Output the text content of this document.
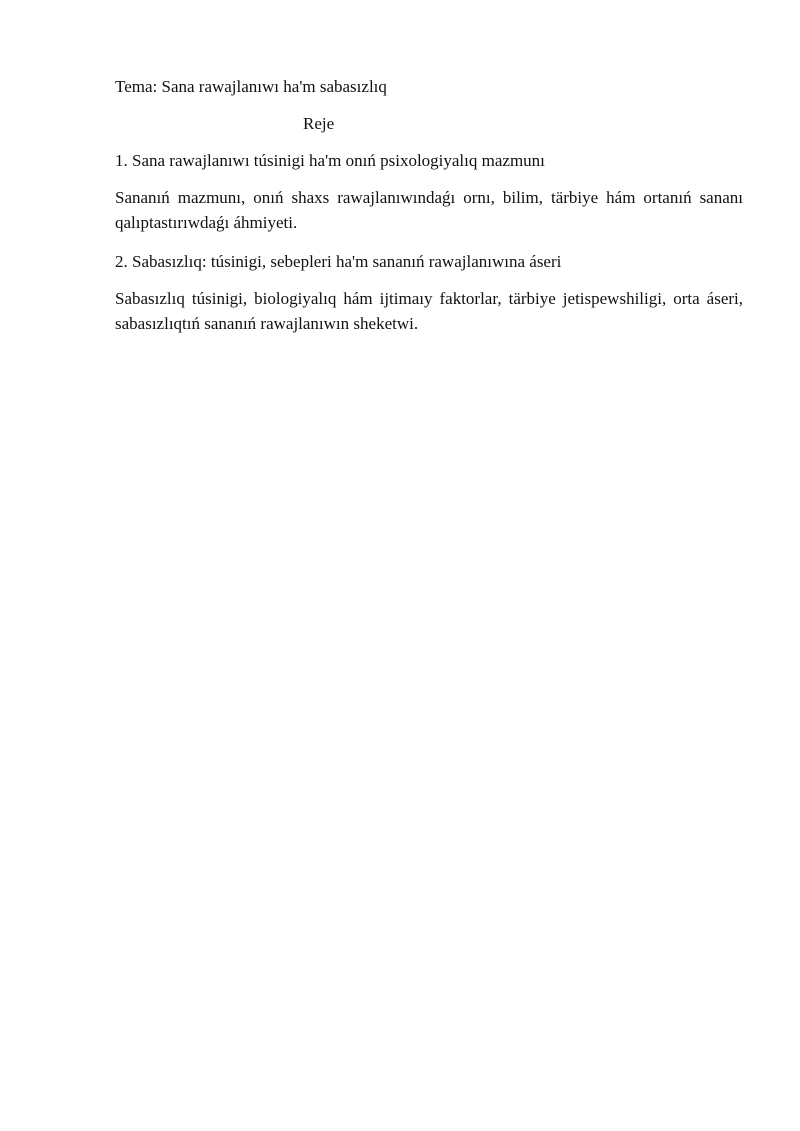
Tema: Sana rawajlanıwı ha'm sabasızlıq

Reje

1. Sana rawajlanıwı túsinigi ha'm onıń psixologiyalıq mazmunı

Sananıń mazmunı, onıń shaxs rawajlanıwındaǵı ornı, bilim, tärbiye hám ortanıń sananı qalıptastırıwdaǵı áhmiyeti.

2. Sabasızlıq: túsinigi, sebepleri ha'm sananıń rawajlanıwına áseri

Sabasızlıq túsinigi, biologiyalıq hám ijtimaıy faktorlar, tärbiye jetispewshiligi, orta áseri, sabasızlıqtıń sananıń rawajlanıwın sheketwi.
